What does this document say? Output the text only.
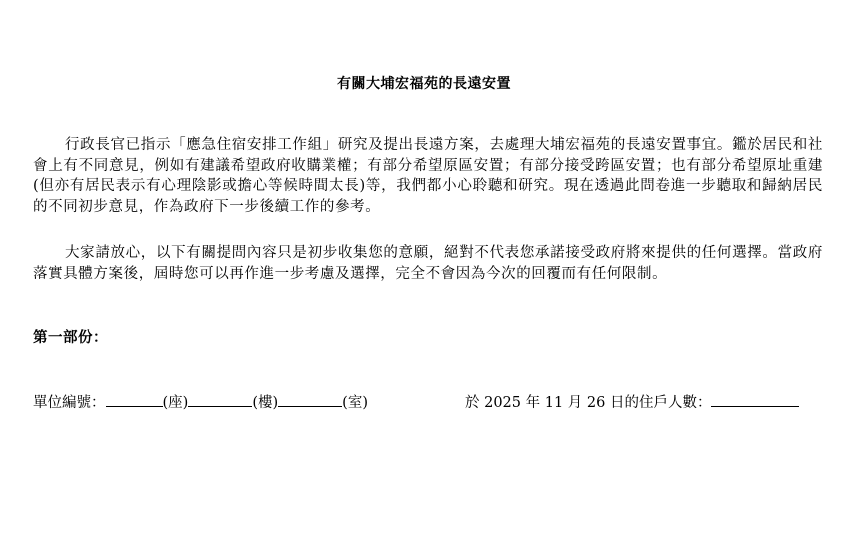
有關大埔宏福苑的長遠安置

行政長官已指示「應急住宿安排工作組」研究及提出長遠方案，去處理大埔宏福苑的長遠安置事宜。鑑於居民和社會上有不同意見，例如有建議希望政府收購業權；有部分希望原區安置；有部分接受跨區安置；也有部分希望原址重建(但亦有居民表示有心理陰影或擔心等候時間太長)等，我們都小心聆聽和研究。現在透過此問卷進一步聽取和歸納居民的不同初步意見，作為政府下一步後續工作的參考。

大家請放心，以下有關提問內容只是初步收集您的意願，絕對不代表您承諾接受政府將來提供的任何選擇。當政府落實具體方案後，屆時您可以再作進一步考慮及選擇，完全不會因為今次的回覆而有任何限制。

第一部份：
單位編號：	(座)	(樓)	(室)	於 2025 年 11 月 26 日的住戶人數：
